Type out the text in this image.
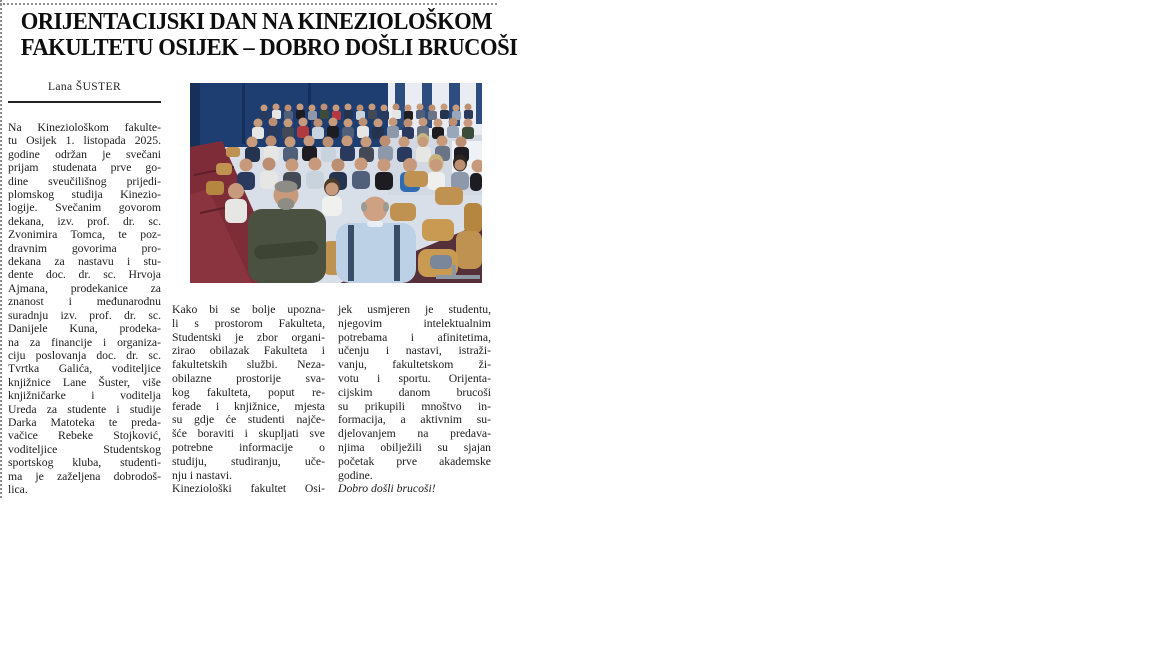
ORIJENTACIJSKI DAN NA KINEZIOLOŠKOM
FAKULTETU OSIJEK – DOBRO DOŠLI BRUCOŠI
Lana ŠUSTER
Na Kineziološkom fakulte-
tu Osijek 1. listopada 2025.
godine održan je svečani
prijam studenata prve go-
dine sveučilišnog prijedi-
plomskog studija Kinezio-
logije. Svečanim govorom
dekana, izv. prof. dr. sc.
Zvonimira Tomca, te poz-
dravnim govorima pro-
dekana za nastavu i stu-
dente doc. dr. sc. Hrvoja
Ajmana, prodekanice za
znanost i međunarodnu
suradnju izv. prof. dr. sc.
Danijele Kuna, prodeka-
na za financije i organiza-
ciju poslovanja doc. dr. sc.
Tvrtka Galića, voditeljice
knjižnice Lane Šuster, više
knjižničarke i voditelja
Ureda za studente i studije
Darka Matoteka te preda-
vačice Rebeke Stojković,
voditeljice Studentskog
sportskog kluba, studenti-
ma je zaželjena dobrodoš-
lica.
Kako bi se bolje upozna-
li s prostorom Fakulteta,
Studentski je zbor organi-
zirao obilazak Fakulteta i
fakultetskih službi. Neza-
obilazne prostorije sva-
kog fakulteta, poput re-
ferade i knjižnice, mjesta
su gdje će studenti najče-
šće boraviti i skupljati sve
potrebne informacije o
studiju, studiranju, uče-
nju i nastavi.
Kineziološki fakultet Osi-
jek usmjeren je studentu,
njegovim intelektualnim
potrebama i afinitetima,
učenju i nastavi, istraži-
vanju, fakultetskom ži-
votu i sportu. Orijenta-
cijskim danom brucoši
su prikupili mnoštvo in-
formacija, a aktivnim su-
djelovanjem na predava-
njima obilježili su sjajan
početak prve akademske
godine.
Dobro došli brucoši!
